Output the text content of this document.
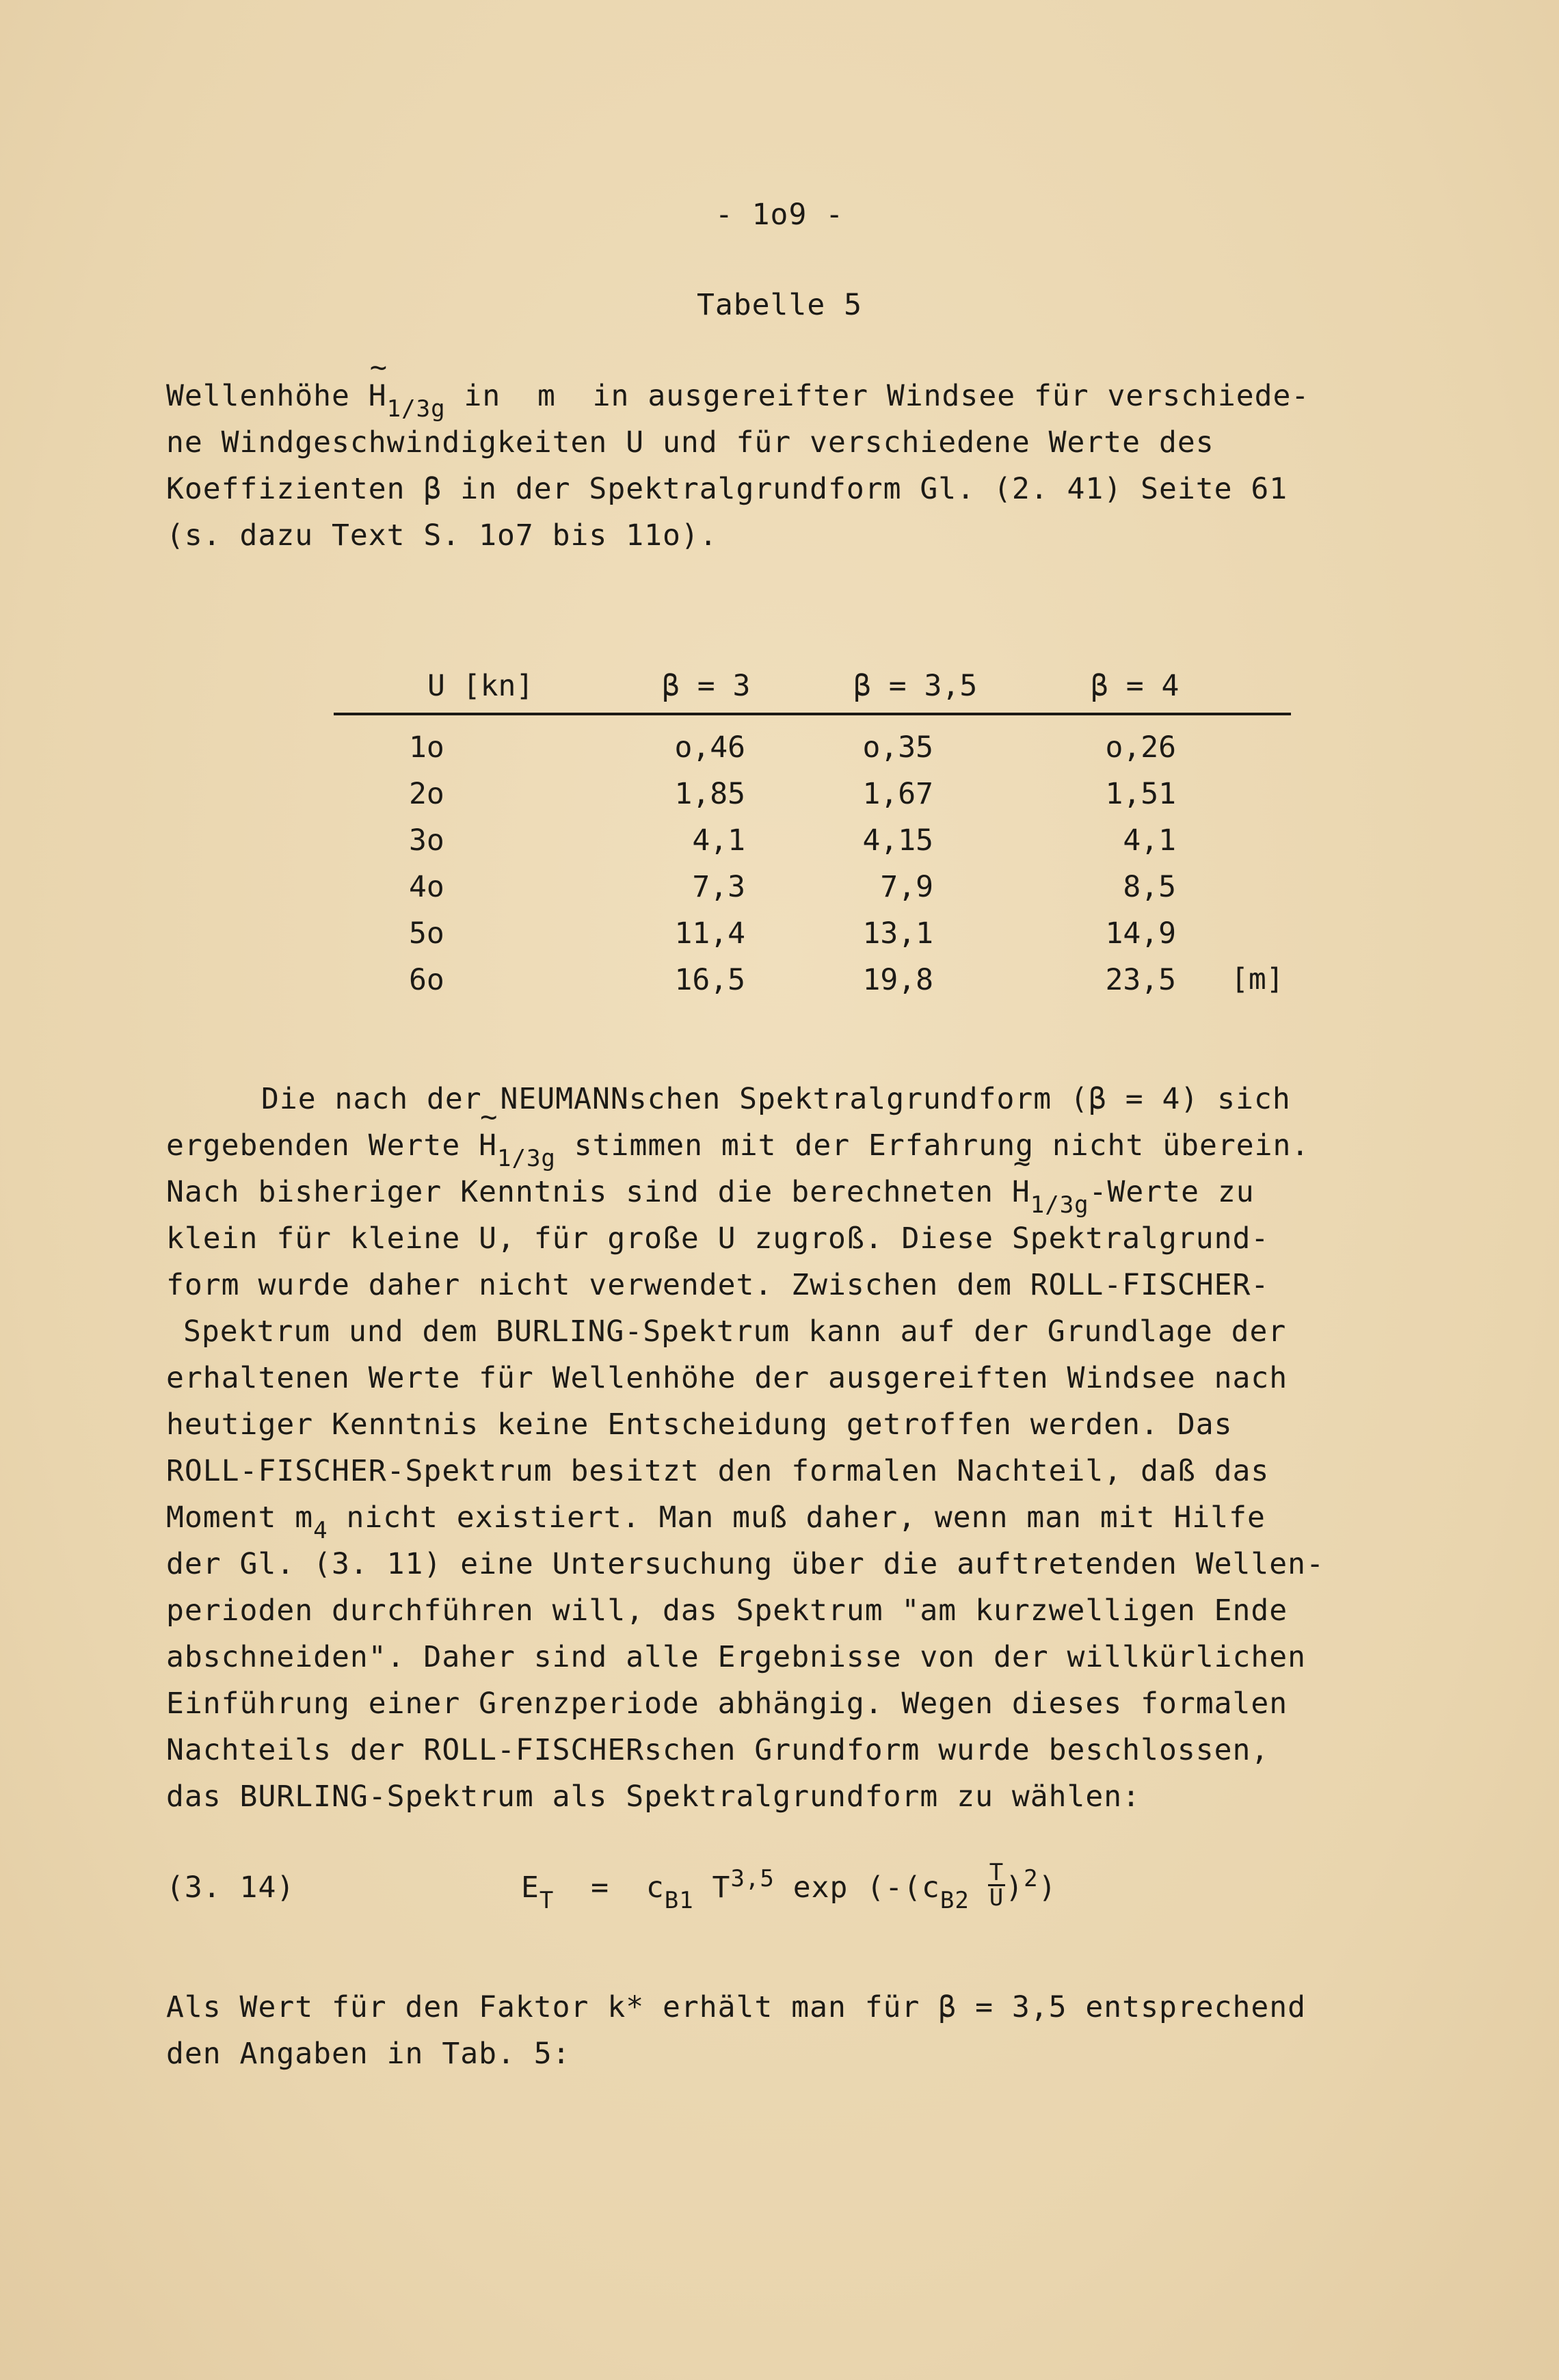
- 1o9 -
Tabelle 5
Wellenhöhe ~ $H_{1/3g}$ in  m  in ausgereifter Windsee für verschiede-
ne Windgeschwindigkeiten U und für verschiedene Werte des
Koeffizienten β in der Spektralgrundform Gl. (2. 41) Seite 61
(s. dazu Text S. 1o7 bis 11o).
U [kn]	β = 3	β = 3,5	β = 4
1o	o,46	o,35	o,26
2o	1,85	1,67	1,51
3o	4,1	4,15	4,1
4o	7,3	7,9	8,5
5o	11,4	13,1	14,9
6o	16,5	19,8	23,5 [m]
Die nach der NEUMANNschen Spektralgrundform (β = 4) sich
ergebenden Werte ~ $H_{1/3g}$ stimmen mit der Erfahrung nicht überein.
Nach bisheriger Kenntnis sind die berechneten ~ $H_{1/3g}$-Werte zu
klein für kleine U, für große U zugroß. Diese Spektralgrund-
form wurde daher nicht verwendet. Zwischen dem ROLL-FISCHER-
Spektrum und dem BURLING-Spektrum kann auf der Grundlage der
erhaltenen Werte für Wellenhöhe der ausgereiften Windsee nach
heutiger Kenntnis keine Entscheidung getroffen werden. Das
ROLL-FISCHER-Spektrum besitzt den formalen Nachteil, daß das
Moment $m_4$ nicht existiert. Man muß daher, wenn man mit Hilfe
der Gl. (3. 11) eine Untersuchung über die auftretenden Wellen-
perioden durchführen will, das Spektrum "am kurzwelligen Ende
abschneiden". Daher sind alle Ergebnisse von der willkürlichen
Einführung einer Grenzperiode abhängig. Wegen dieses formalen
Nachteils der ROLL-FISCHERschen Grundform wurde beschlossen,
das BURLING-Spektrum als Spektralgrundform zu wählen:
(3. 14)	$E_T = c_{B1}$ T$^{3,5}$ $\exp (-(c_{B2} \frac{T}{U} )^2)$
Als Wert für den Faktor k* erhält man für β = 3,5 entsprechend
den Angaben in Tab. 5:
